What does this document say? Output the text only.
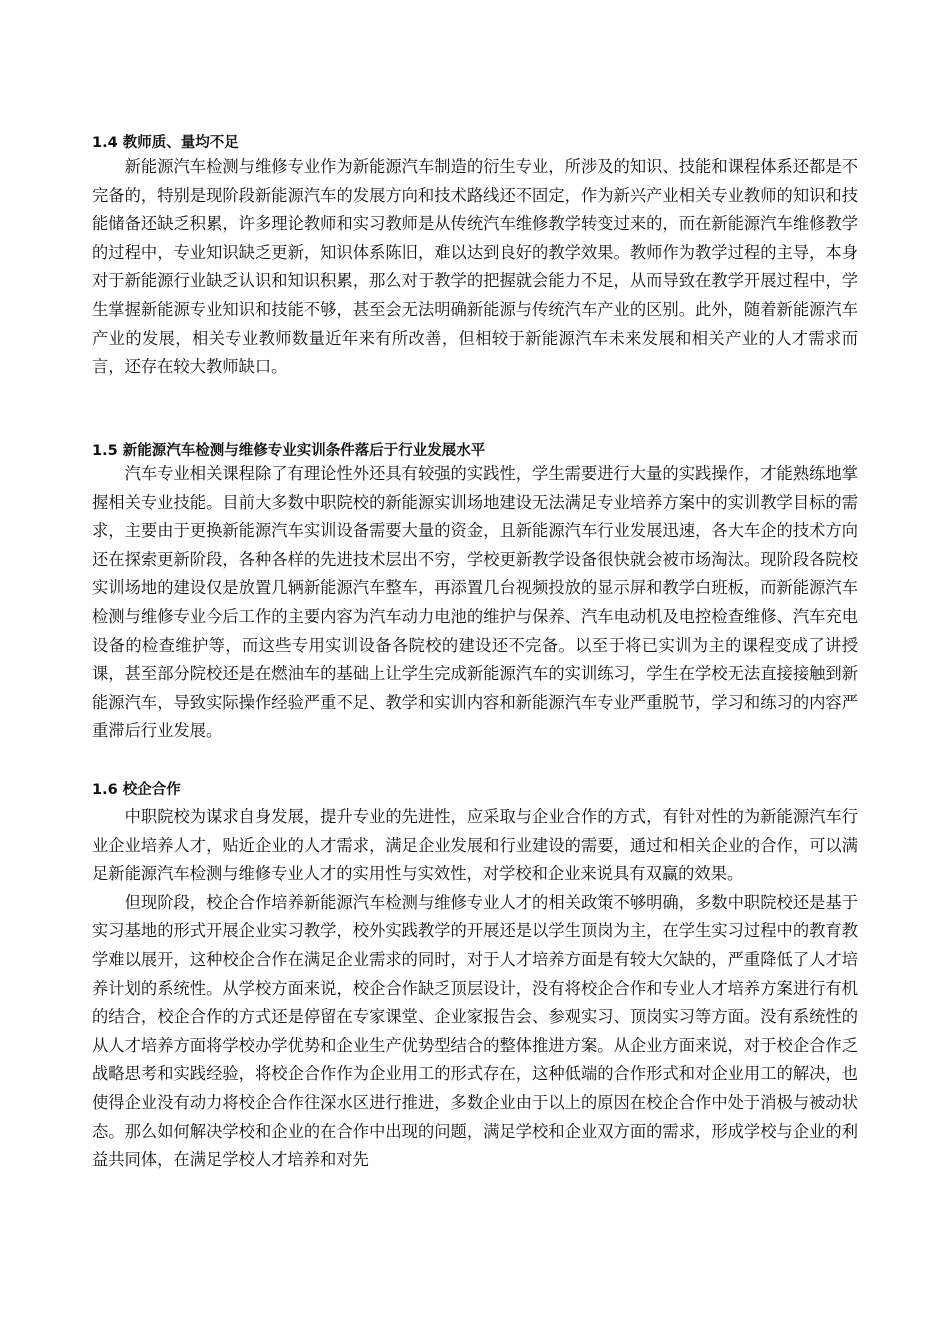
1.4 教师质、量均不足

新能源汽车检测与维修专业作为新能源汽车制造的衍生专业，所涉及的知识、技能和课程体系还都是不完备的，特别是现阶段新能源汽车的发展方向和技术路线还不固定，作为新兴产业相关专业教师的知识和技能储备还缺乏积累，许多理论教师和实习教师是从传统汽车维修教学转变过来的，而在新能源汽车维修教学的过程中，专业知识缺乏更新，知识体系陈旧，难以达到良好的教学效果。教师作为教学过程的主导，本身对于新能源行业缺乏认识和知识积累，那么对于教学的把握就会能力不足，从而导致在教学开展过程中，学生掌握新能源专业知识和技能不够，甚至会无法明确新能源与传统汽车产业的区别。此外，随着新能源汽车产业的发展，相关专业教师数量近年来有所改善，但相较于新能源汽车未来发展和相关产业的人才需求而言，还存在较大教师缺口。

1.5 新能源汽车检测与维修专业实训条件落后于行业发展水平

汽车专业相关课程除了有理论性外还具有较强的实践性，学生需要进行大量的实践操作，才能熟练地掌握相关专业技能。目前大多数中职院校的新能源实训场地建设无法满足专业培养方案中的实训教学目标的需求，主要由于更换新能源汽车实训设备需要大量的资金，且新能源汽车行业发展迅速，各大车企的技术方向还在探索更新阶段，各种各样的先进技术层出不穷，学校更新教学设备很快就会被市场淘汰。现阶段各院校实训场地的建设仅是放置几辆新能源汽车整车，再添置几台视频投放的显示屏和教学白班板，而新能源汽车检测与维修专业今后工作的主要内容为汽车动力电池的维护与保养、汽车电动机及电控检查维修、汽车充电设备的检查维护等，而这些专用实训设备各院校的建设还不完备。以至于将已实训为主的课程变成了讲授课，甚至部分院校还是在燃油车的基础上让学生完成新能源汽车的实训练习，学生在学校无法直接接触到新能源汽车，导致实际操作经验严重不足、教学和实训内容和新能源汽车专业严重脱节，学习和练习的内容严重滞后行业发展。

1.6 校企合作

中职院校为谋求自身发展，提升专业的先进性，应采取与企业合作的方式，有针对性的为新能源汽车行业企业培养人才，贴近企业的人才需求，满足企业发展和行业建设的需要，通过和相关企业的合作，可以满足新能源汽车检测与维修专业人才的实用性与实效性，对学校和企业来说具有双赢的效果。

但现阶段，校企合作培养新能源汽车检测与维修专业人才的相关政策不够明确，多数中职院校还是基于实习基地的形式开展企业实习教学，校外实践教学的开展还是以学生顶岗为主，在学生实习过程中的教育教学难以展开，这种校企合作在满足企业需求的同时，对于人才培养方面是有较大欠缺的，严重降低了人才培养计划的系统性。从学校方面来说，校企合作缺乏顶层设计，没有将校企合作和专业人才培养方案进行有机的结合，校企合作的方式还是停留在专家课堂、企业家报告会、参观实习、顶岗实习等方面。没有系统性的从人才培养方面将学校办学优势和企业生产优势型结合的整体推进方案。从企业方面来说，对于校企合作乏战略思考和实践经验，将校企合作作为企业用工的形式存在，这种低端的合作形式和对企业用工的解决，也使得企业没有动力将校企合作往深水区进行推进，多数企业由于以上的原因在校企合作中处于消极与被动状态。那么如何解决学校和企业的在合作中出现的问题，满足学校和企业双方面的需求，形成学校与企业的利益共同体，在满足学校人才培养和对先
